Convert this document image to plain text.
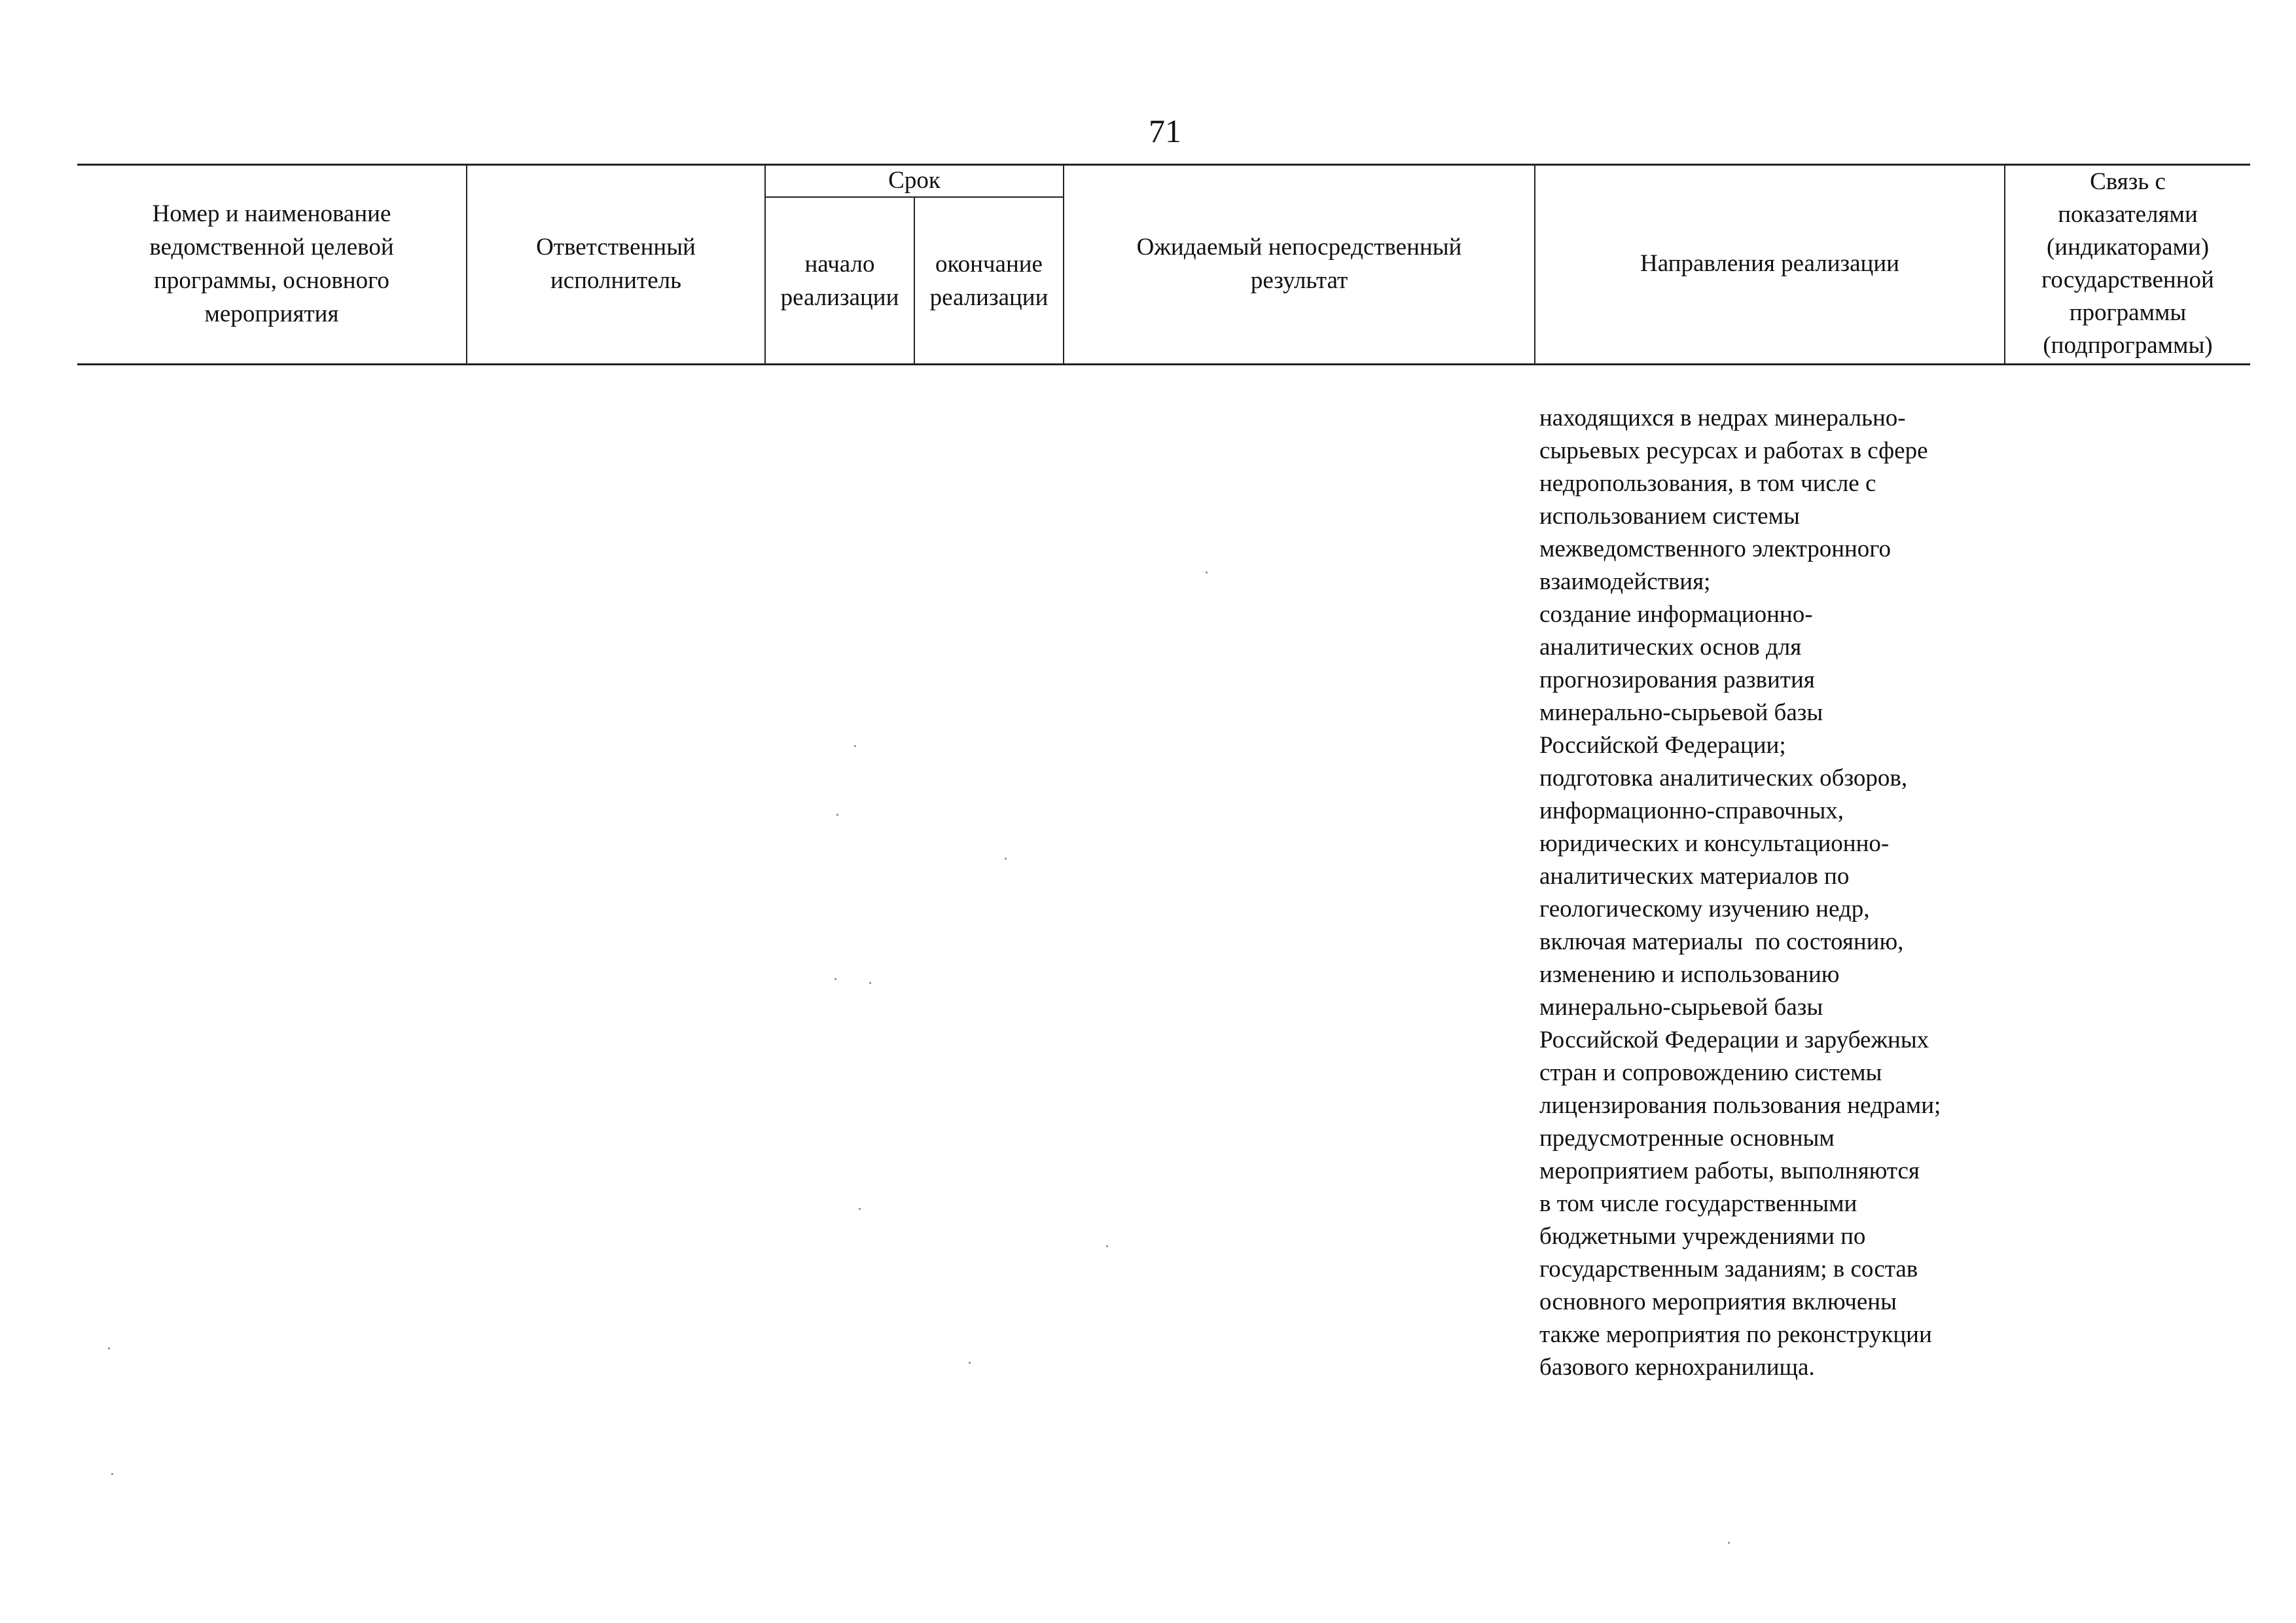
71
Номер и наименование
ведомственной целевой
программы, основного
мероприятия
Ответственный
исполнитель
Срок
начало
реализации
окончание
реализации
Ожидаемый непосредственный
результат
Направления реализации
Связь с
показателями
(индикаторами)
государственной
программы
(подпрограммы)
находящихся в недрах минерально-
сырьевых ресурсах и работах в сфере
недропользования, в том числе с
использованием системы
межведомственного электронного
взаимодействия;
создание информационно-
аналитических основ для
прогнозирования развития
минерально-сырьевой базы
Российской Федерации;
подготовка аналитических обзоров,
информационно-справочных,
юридических и консультационно-
аналитических материалов по
геологическому изучению недр,
включая материалы  по состоянию,
изменению и использованию
минерально-сырьевой базы
Российской Федерации и зарубежных
стран и сопровождению системы
лицензирования пользования недрами;
предусмотренные основным
мероприятием работы, выполняются
в том числе государственными
бюджетными учреждениями по
государственным заданиям; в состав
основного мероприятия включены
также мероприятия по реконструкции
базового кернохранилища.
